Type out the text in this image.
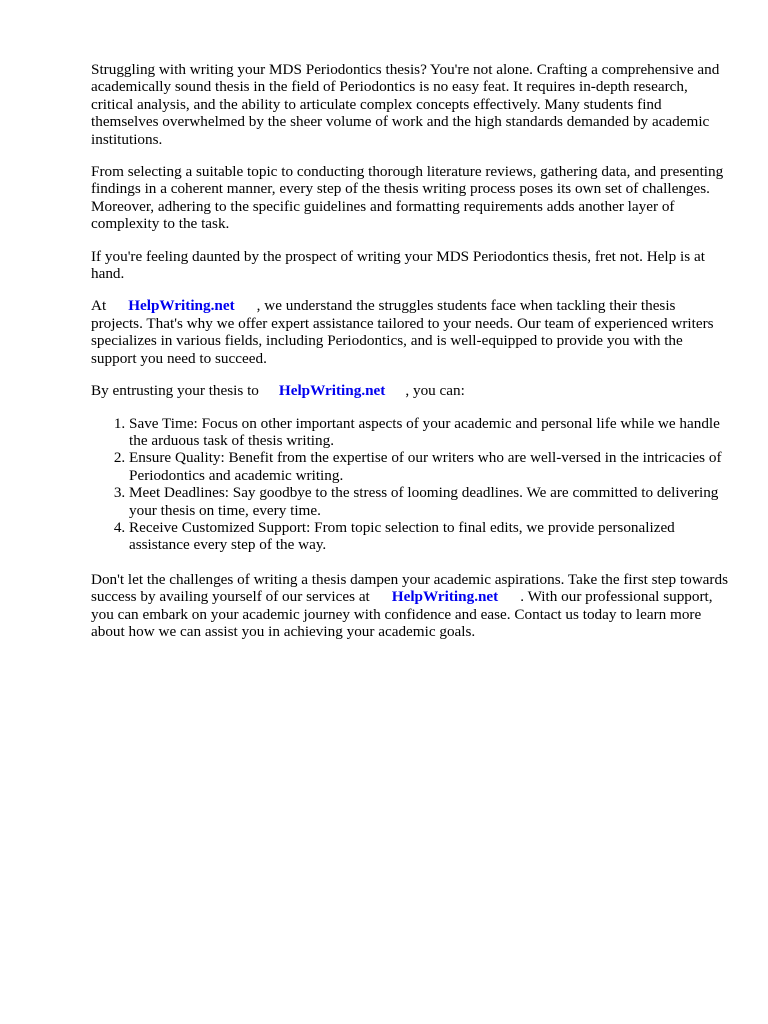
Struggling with writing your MDS Periodontics thesis? You're not alone. Crafting a comprehensive and academically sound thesis in the field of Periodontics is no easy feat. It requires in-depth research, critical analysis, and the ability to articulate complex concepts effectively. Many students find themselves overwhelmed by the sheer volume of work and the high standards demanded by academic institutions.

From selecting a suitable topic to conducting thorough literature reviews, gathering data, and presenting findings in a coherent manner, every step of the thesis writing process poses its own set of challenges. Moreover, adhering to the specific guidelines and formatting requirements adds another layer of complexity to the task.

If you're feeling daunted by the prospect of writing your MDS Periodontics thesis, fret not. Help is at hand.

At HelpWriting.net , we understand the struggles students face when tackling their thesis projects. That's why we offer expert assistance tailored to your needs. Our team of experienced writers specializes in various fields, including Periodontics, and is well-equipped to provide you with the support you need to succeed.

By entrusting your thesis to HelpWriting.net , you can:

1. Save Time: Focus on other important aspects of your academic and personal life while we handle the arduous task of thesis writing.
2. Ensure Quality: Benefit from the expertise of our writers who are well-versed in the intricacies of Periodontics and academic writing.
3. Meet Deadlines: Say goodbye to the stress of looming deadlines. We are committed to delivering your thesis on time, every time.
4. Receive Customized Support: From topic selection to final edits, we provide personalized assistance every step of the way.

Don't let the challenges of writing a thesis dampen your academic aspirations. Take the first step towards success by availing yourself of our services at HelpWriting.net . With our professional support, you can embark on your academic journey with confidence and ease. Contact us today to learn more about how we can assist you in achieving your academic goals.
